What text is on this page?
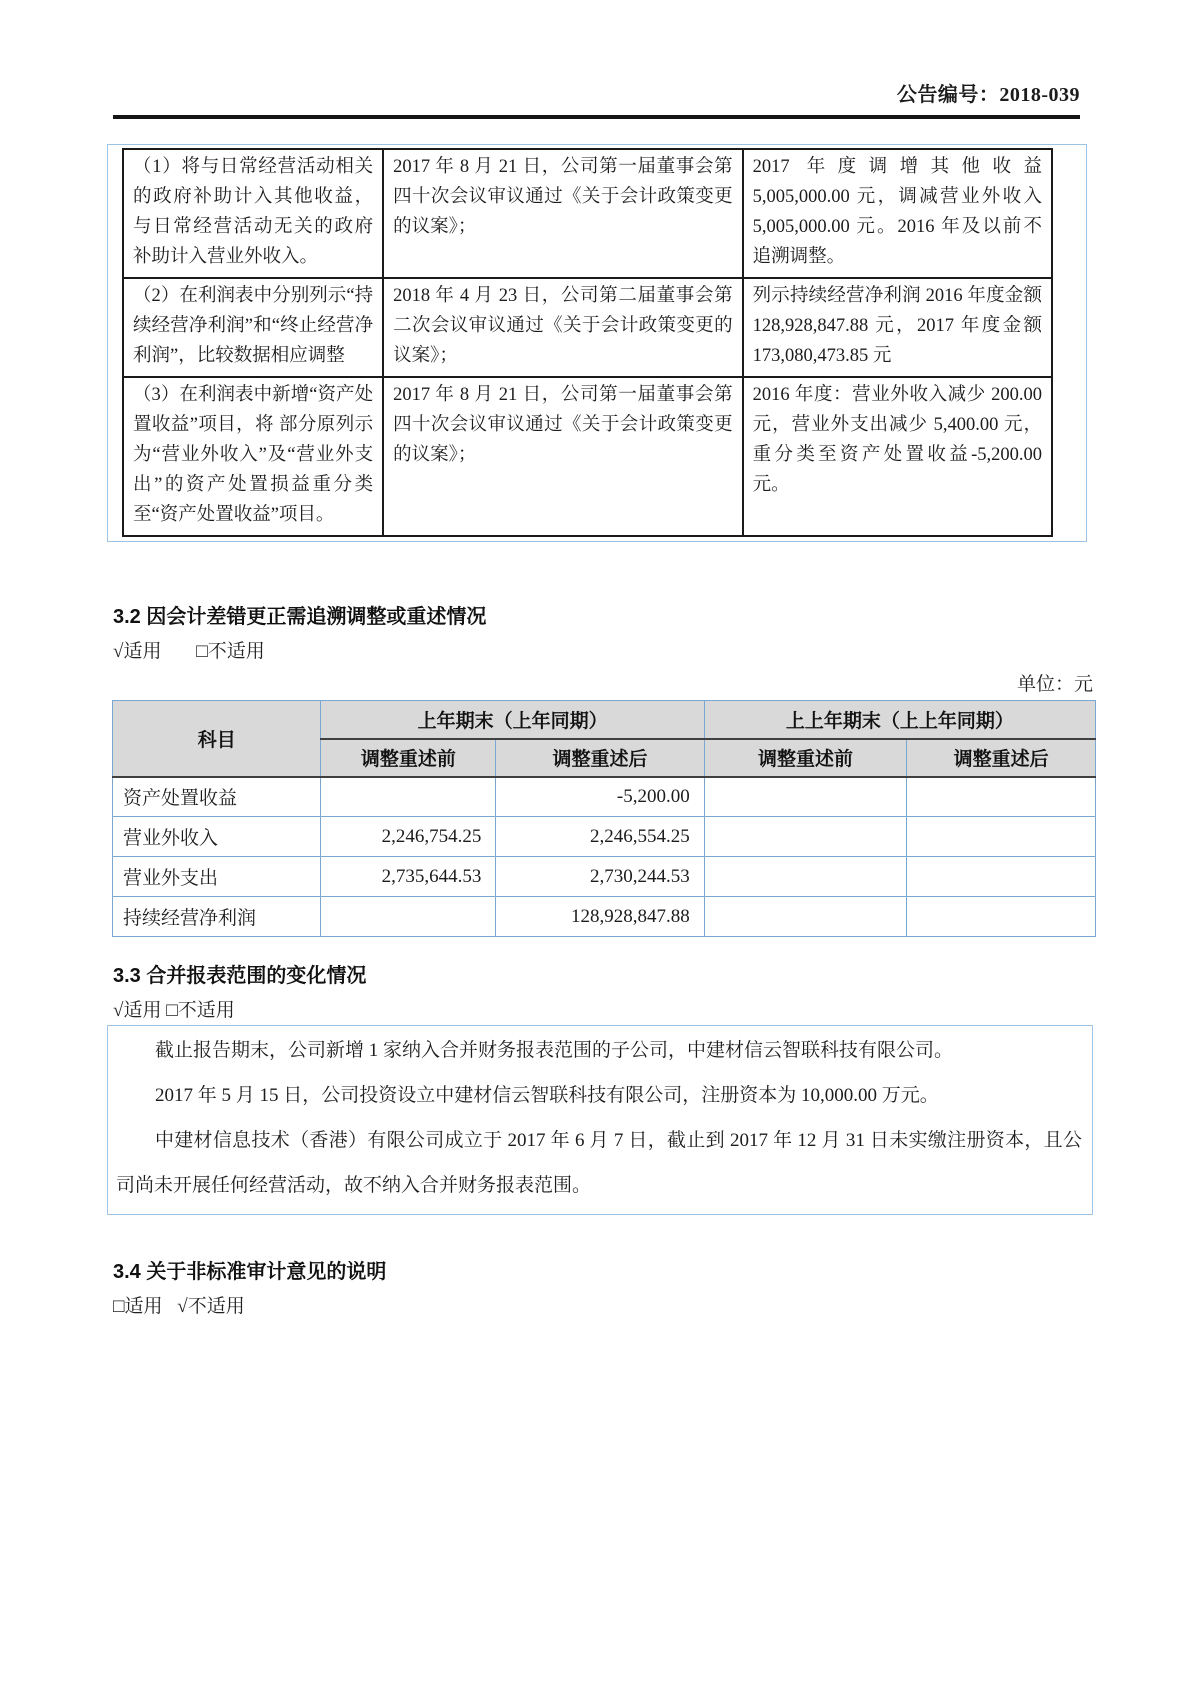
公告编号：2018-039
（1）将与日常经营活动相关的政府补助计入其他收益，与日常经营活动无关的政府补助计入营业外收入。	2017 年 8 月 21 日，公司第一届董事会第四十次会议审议通过《关于会计政策变更的议案》；	2017 年度调增其他收益 5,005,000.00 元，调减营业外收入 5,005,000.00 元。2016 年及以前不追溯调整。
（2）在利润表中分别列示“持续经营净利润”和“终止经营净利润”，比较数据相应调整	2018 年 4 月 23 日，公司第二届董事会第二次会议审议通过《关于会计政策变更的议案》；	列示持续经营净利润 2016 年度金额 128,928,847.88 元，2017 年度金额 173,080,473.85 元
（3）在利润表中新增“资产处置收益”项目，将 部分原列示为“营业外收入”及“营业外支出”的资产处置损益重分类至“资产处置收益”项目。	2017 年 8 月 21 日，公司第一届董事会第四十次会议审议通过《关于会计政策变更的议案》；	2016 年度：营业外收入减少 200.00 元，营业外支出减少 5,400.00 元，重分类至资产处置收益-5,200.00 元。
3.2 因会计差错更正需追溯调整或重述情况
√适用 □不适用
单位：元
科目	上年期末（上年同期）		上上年期末（上上年同期）	
	调整重述前	调整重述后	调整重述前	调整重述后
资产处置收益		-5,200.00		
营业外收入	2,246,754.25	2,246,554.25		
营业外支出	2,735,644.53	2,730,244.53		
持续经营净利润		128,928,847.88		
3.3 合并报表范围的变化情况
√适用 □不适用

截止报告期末，公司新增 1 家纳入合并财务报表范围的子公司，中建材信云智联科技有限公司。

2017 年 5 月 15 日，公司投资设立中建材信云智联科技有限公司，注册资本为 10,000.00 万元。

中建材信息技术（香港）有限公司成立于 2017 年 6 月 7 日，截止到 2017 年 12 月 31 日未实缴注册资本，且公司尚未开展任何经营活动，故不纳入合并财务报表范围。

3.4 关于非标准审计意见的说明
□适用 √不适用
